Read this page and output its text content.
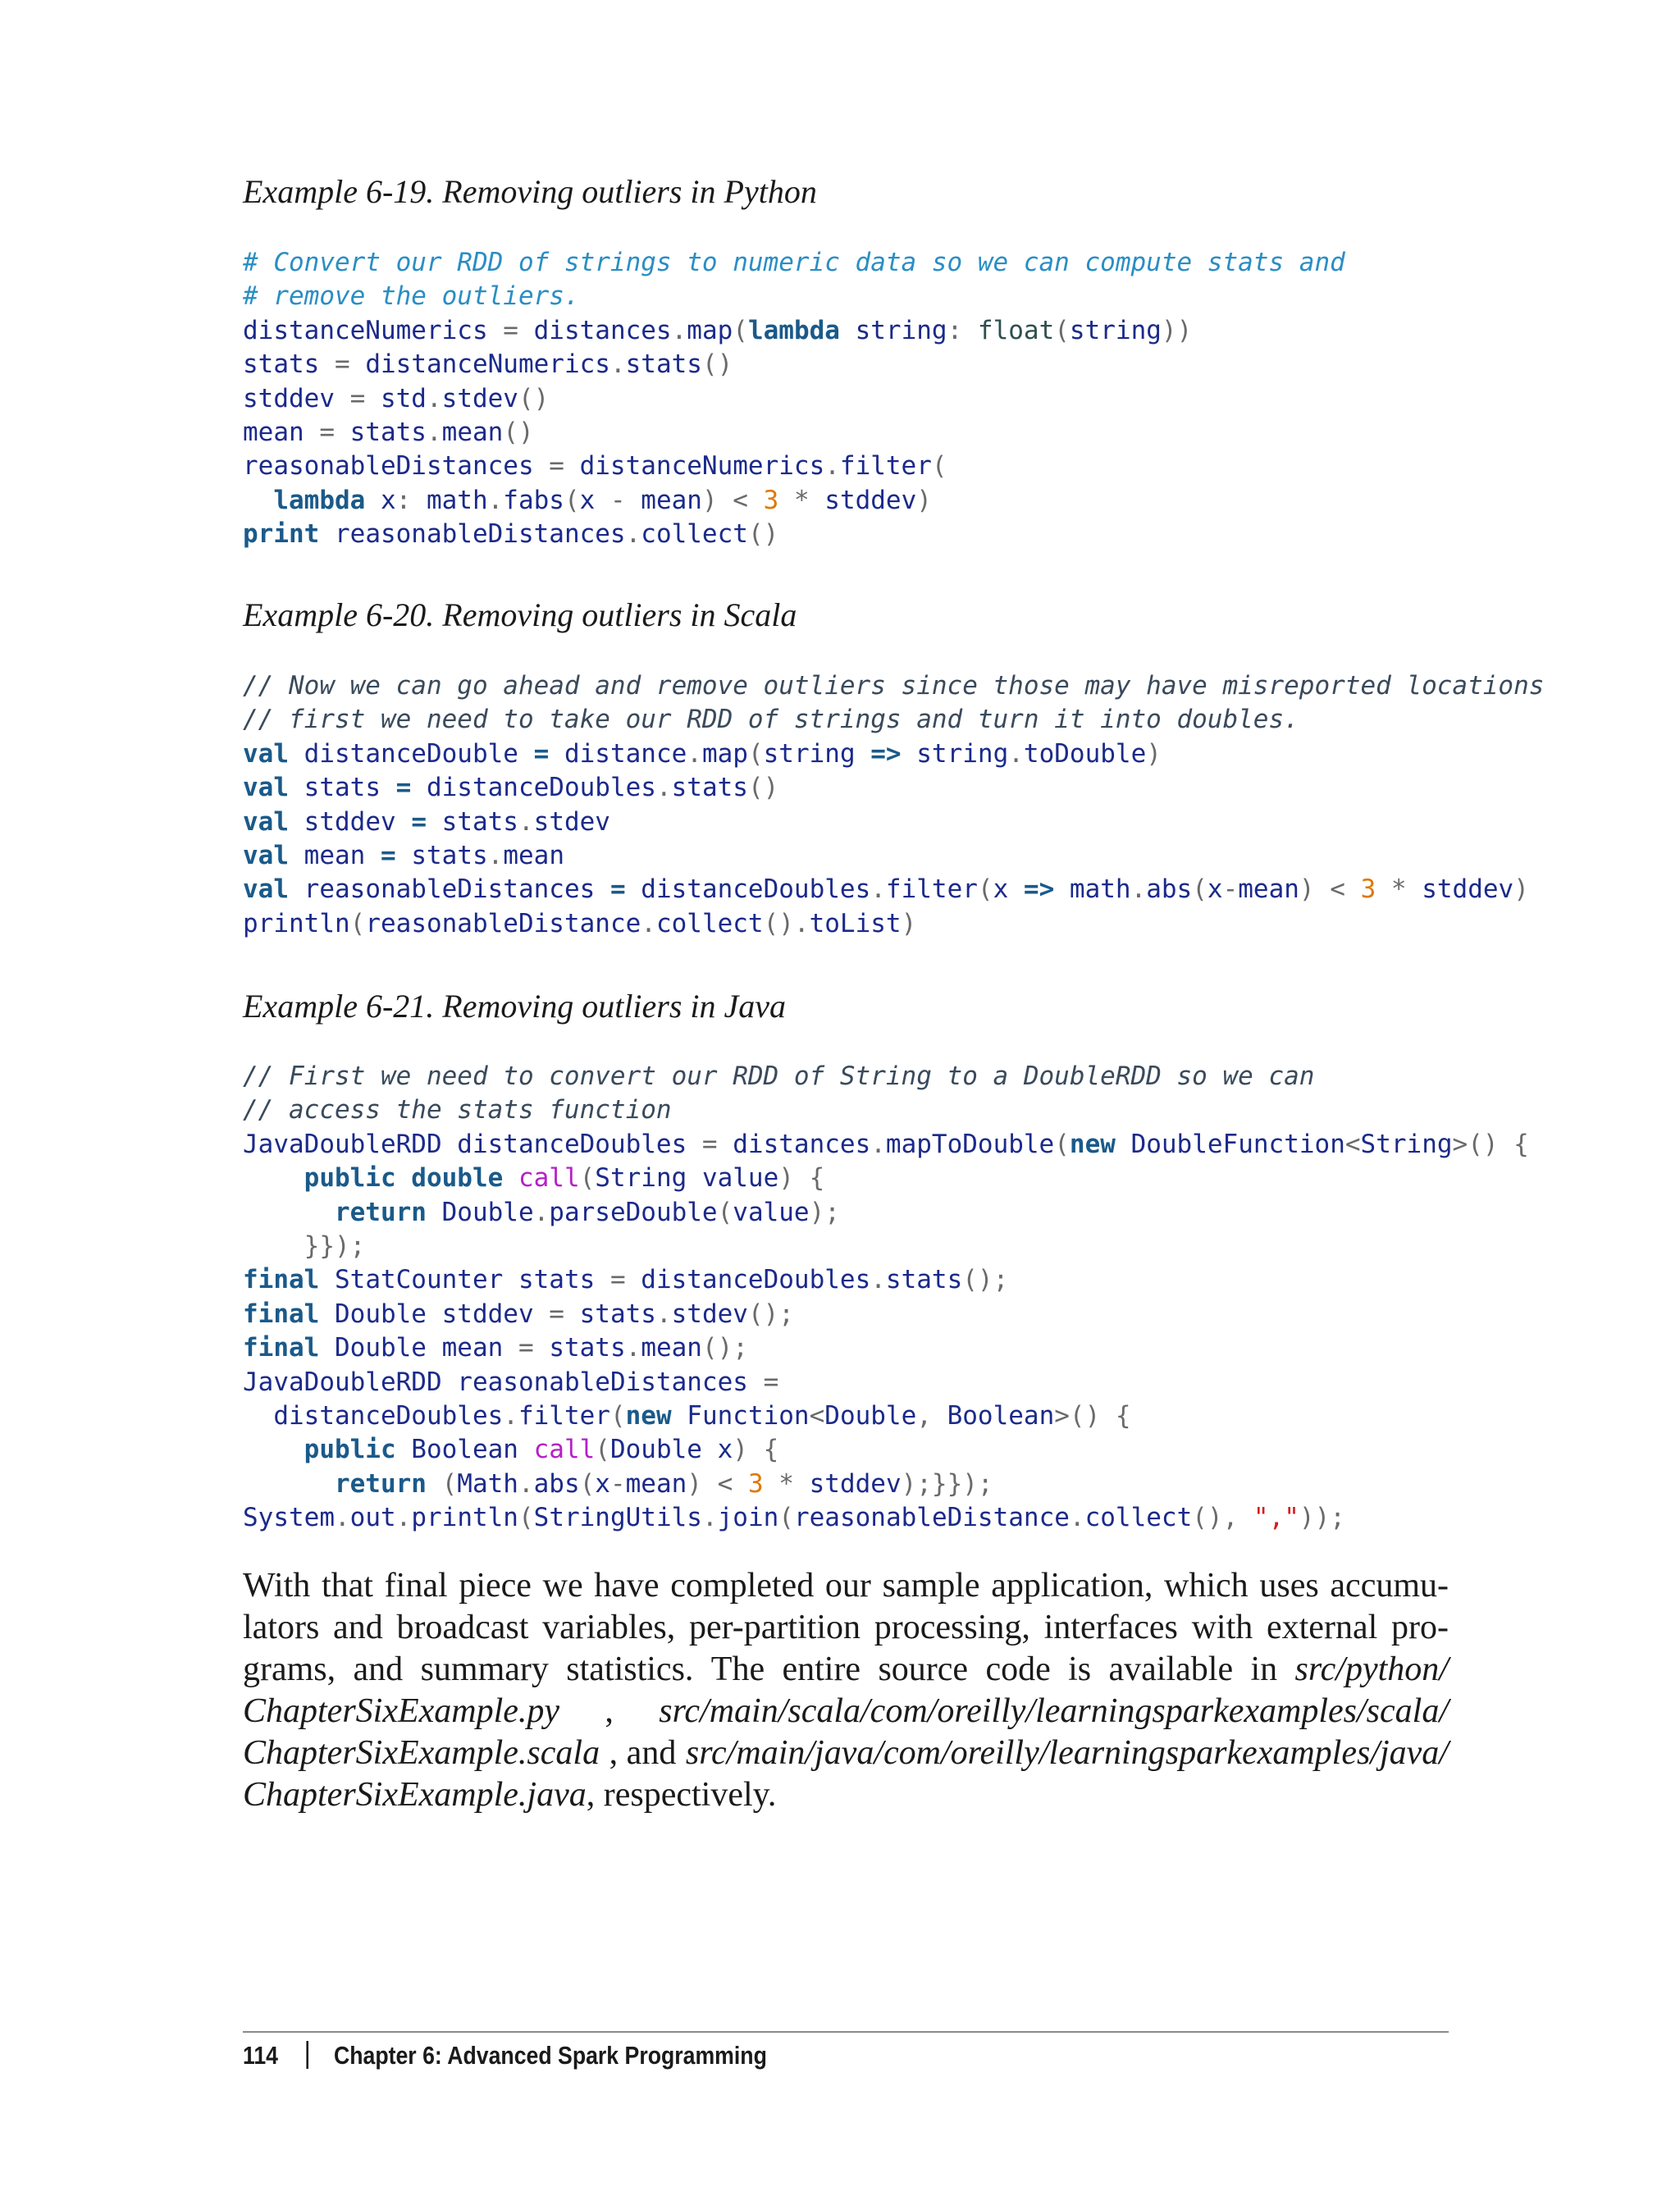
Example 6-19. Removing outliers in Python
# Convert our RDD of strings to numeric data so we can compute stats and
# remove the outliers.
distanceNumerics = distances.map(lambda string: float(string))
stats = distanceNumerics.stats()
stddev = std.stdev()
mean = stats.mean()
reasonableDistances = distanceNumerics.filter(
lambda x: math.fabs(x - mean) < 3 * stddev)
print reasonableDistances.collect()
Example 6-20. Removing outliers in Scala
// Now we can go ahead and remove outliers since those may have misreported locations
// first we need to take our RDD of strings and turn it into doubles.
val distanceDouble = distance.map(string => string.toDouble)
val stats = distanceDoubles.stats()
val stddev = stats.stdev
val mean = stats.mean
val reasonableDistances = distanceDoubles.filter(x => math.abs(x-mean) < 3 * stddev)
println(reasonableDistance.collect().toList)
Example 6-21. Removing outliers in Java
// First we need to convert our RDD of String to a DoubleRDD so we can
// access the stats function
JavaDoubleRDD distanceDoubles = distances.mapToDouble(new DoubleFunction<String>() {
public double call(String value) {
return Double.parseDouble(value);
}});
final StatCounter stats = distanceDoubles.stats();
final Double stddev = stats.stdev();
final Double mean = stats.mean();
JavaDoubleRDD reasonableDistances =
distanceDoubles.filter(new Function<Double, Boolean>() {
public Boolean call(Double x) {
return (Math.abs(x-mean) < 3 * stddev);}});
System.out.println(StringUtils.join(reasonableDistance.collect(), ","));
With that final piece we have completed our sample application, which uses accumu-
lators and broadcast variables, per-partition processing, interfaces with external pro-
grams, and summary statistics. The entire source code is available in src/python/
ChapterSixExample.py , src/main/scala/com/oreilly/learningsparkexamples/scala/
ChapterSixExample.scala , and src/main/java/com/oreilly/learningsparkexamples/java/
ChapterSixExample.java , respectively.
114 Chapter 6: Advanced Spark Programming
